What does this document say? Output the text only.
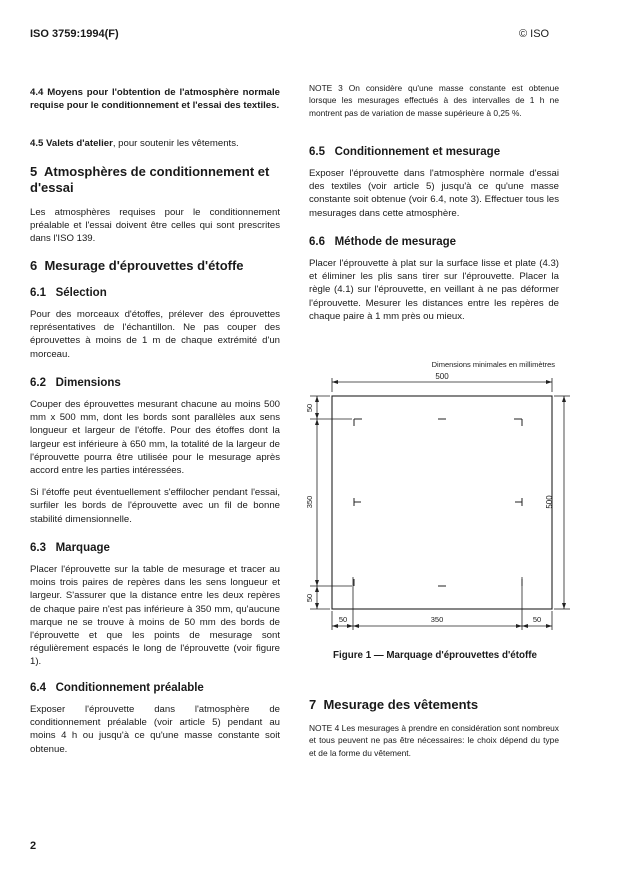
ISO 3759:1994(F)	© ISO

4.4 Moyens pour l'obtention de l'atmosphère normale requise pour le conditionnement et l'essai des textiles.

4.5 Valets d'atelier, pour soutenir les vêtements.

5 Atmosphères de conditionnement et d'essai

Les atmosphères requises pour le conditionnement préalable et l'essai doivent être celles qui sont prescrites dans l'ISO 139.

6 Mesurage d'éprouvettes d'étoffe

6.1 Sélection

Pour des morceaux d'étoffes, prélever des éprouvettes représentatives de l'échantillon. Ne pas couper des éprouvettes à moins de 1 m de chaque extrémité d'un morceau.

6.2 Dimensions

Couper des éprouvettes mesurant chacune au moins 500 mm x 500 mm, dont les bords sont parallèles aux sens longueur et largeur de l'étoffe. Pour des étoffes dont la largeur est inférieure à 650 mm, la totalité de la largeur de l'éprouvette pourra être utilisée pour le mesurage après accord entre les parties intéressées.

Si l'étoffe peut éventuellement s'effilocher pendant l'essai, surfiler les bords de l'éprouvette avec un fil de bonne stabilité dimensionnelle.

6.3 Marquage

Placer l'éprouvette sur la table de mesurage et tracer au moins trois paires de repères dans les sens longueur et largeur. S'assurer que la distance entre les deux repères de chaque paire n'est pas inférieure à 350 mm, qu'aucune marque ne se trouve à moins de 50 mm des bords de l'éprouvette et que les points de mesurage sont régulièrement espacés le long de l'éprouvette (voir figure 1).

6.4 Conditionnement préalable

Exposer l'éprouvette dans l'atmosphère de conditionnement préalable (voir article 5) pendant au moins 4 h ou jusqu'à ce qu'une masse constante soit obtenue.

NOTE 3 On considère qu'une masse constante est obtenue lorsque les mesurages effectués à des intervalles de 1 h ne montrent pas de variation de masse supérieure à 0,25 %.

6.5 Conditionnement et mesurage

Exposer l'éprouvette dans l'atmosphère normale d'essai des textiles (voir article 5) jusqu'à ce qu'une masse constante soit obtenue (voir 6.4, note 3). Effectuer tous les mesurages dans cette atmosphère.

6.6 Méthode de mesurage

Placer l'éprouvette à plat sur la surface lisse et plate (4.3) et éliminer les plis sans tirer sur l'éprouvette. Placer la règle (4.1) sur l'éprouvette, en veillant à ne pas déformer l'éprouvette. Mesurer les distances entre les repères de chaque paire à 1 mm près ou mieux.

Dimensions minimales en millimètres
500
500
50
350
50
50	350	50
Figure 1 — Marquage d'éprouvettes d'étoffe

7 Mesurage des vêtements

NOTE 4 Les mesurages à prendre en considération sont nombreux et tous peuvent ne pas être nécessaires: le choix dépend du type et de la forme du vêtement.

2
